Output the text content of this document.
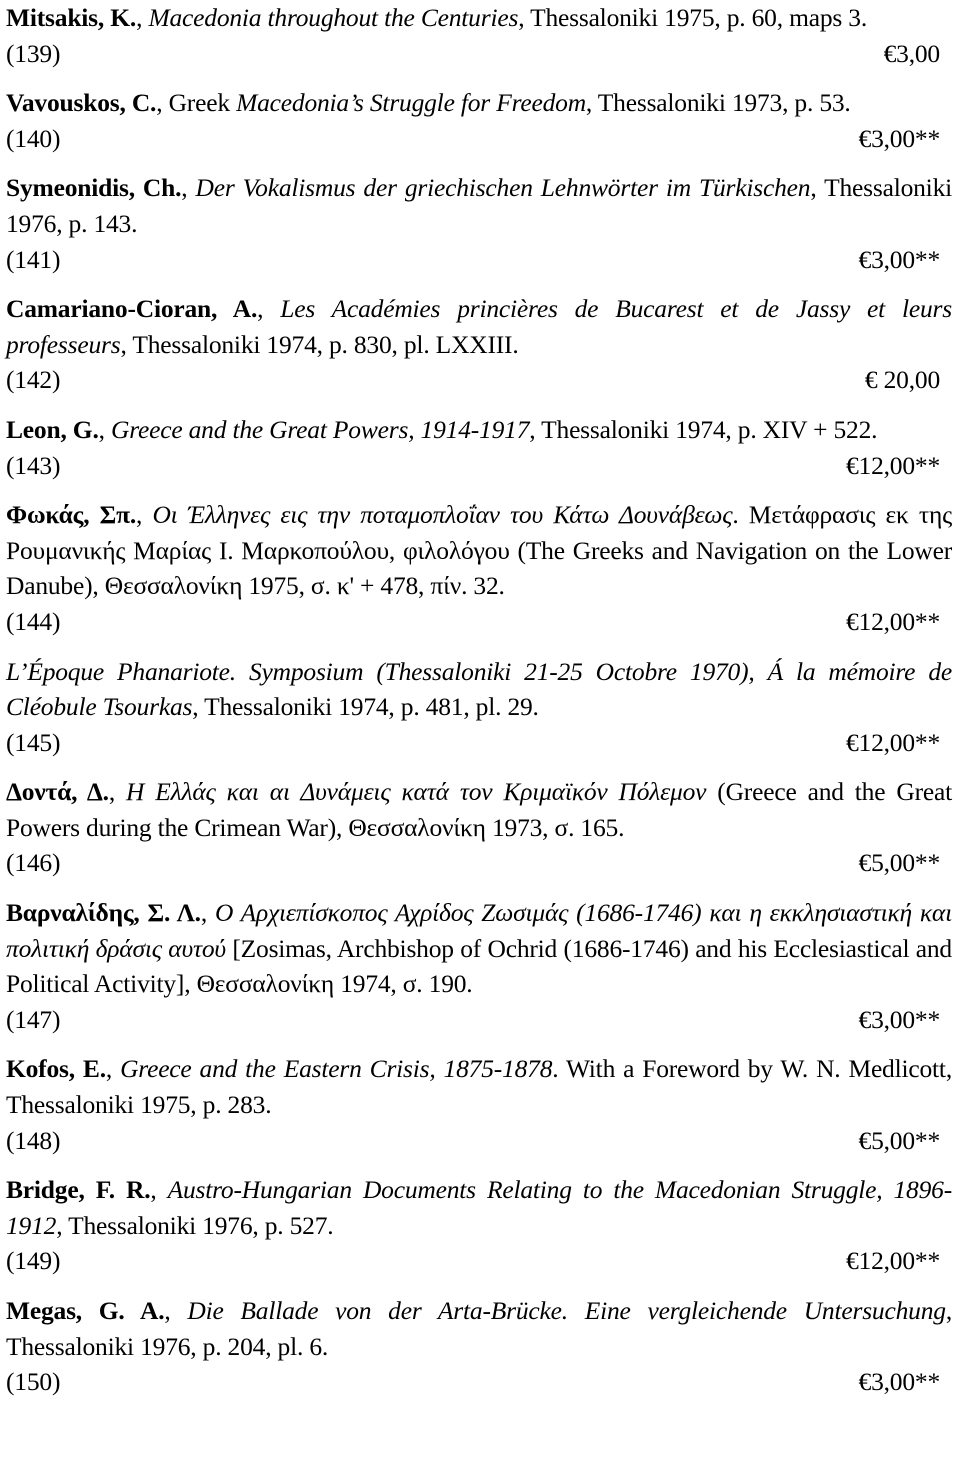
Mitsakis, K., Macedonia throughout the Centuries, Thessaloniki 1975, p. 60, maps 3.
(139)	€3,00
Vavouskos, C., Greek Macedonia’s Struggle for Freedom, Thessaloniki 1973, p. 53.
(140)	€3,00**
Symeonidis, Ch., Der Vokalismus der griechischen Lehnwörter im Türkischen, Thessaloniki 1976, p. 143.
(141)	€3,00**
Camariano-Cioran, A., Les Académies princières de Bucarest et de Jassy et leurs professeurs, Thessaloniki 1974, p. 830, pl. LXXIII.
(142)	€ 20,00
Leon, G., Greece and the Great Powers, 1914-1917, Thessaloniki 1974, p. XIV + 522.
(143)	€12,00**
Φωκάς, Σπ., Οι Έλληνες εις την ποταμοπλοΐαν του Κάτω Δουνάβεως. Μετάφρασις εκ της Ρουμανικής Μαρίας Ι. Μαρκοπούλου, φιλολόγου (The Greeks and Navigation on the Lower Danube), Θεσσαλονίκη 1975, σ. κ' + 478, πίν. 32.
(144)	€12,00**
L’Époque Phanariote. Symposium (Thessaloniki 21-25 Octobre 1970), Á la mémoire de Cléobule Tsourkas, Thessaloniki 1974, p. 481, pl. 29.
(145)	€12,00**
Δοντά, Δ., Η Ελλάς και αι Δυνάμεις κατά τον Κριμαϊκόν Πόλεμον (Greece and the Great Powers during the Crimean War), Θεσσαλονίκη 1973, σ. 165.
(146)	€5,00**
Βαρναλίδης, Σ. Λ., Ο Αρχιεπίσκοπος Αχρίδος Ζωσιμάς (1686-1746) και η εκκλησιαστική και πολιτική δράσις αυτού [Zosimas, Archbishop of Ochrid (1686-1746) and his Ecclesiastical and Political Activity], Θεσσαλονίκη 1974, σ. 190.
(147)	€3,00**
Kofos, E., Greece and the Eastern Crisis, 1875-1878. With a Foreword by W. N. Medlicott, Thessaloniki 1975, p. 283.
(148)	€5,00**
Bridge, F. R., Austro-Hungarian Documents Relating to the Macedonian Struggle, 1896-1912, Thessaloniki 1976, p. 527.
(149)	€12,00**
Megas, G. A., Die Ballade von der Arta-Brücke. Eine vergleichende Untersuchung, Thessaloniki 1976, p. 204, pl. 6.
(150)	€3,00**
